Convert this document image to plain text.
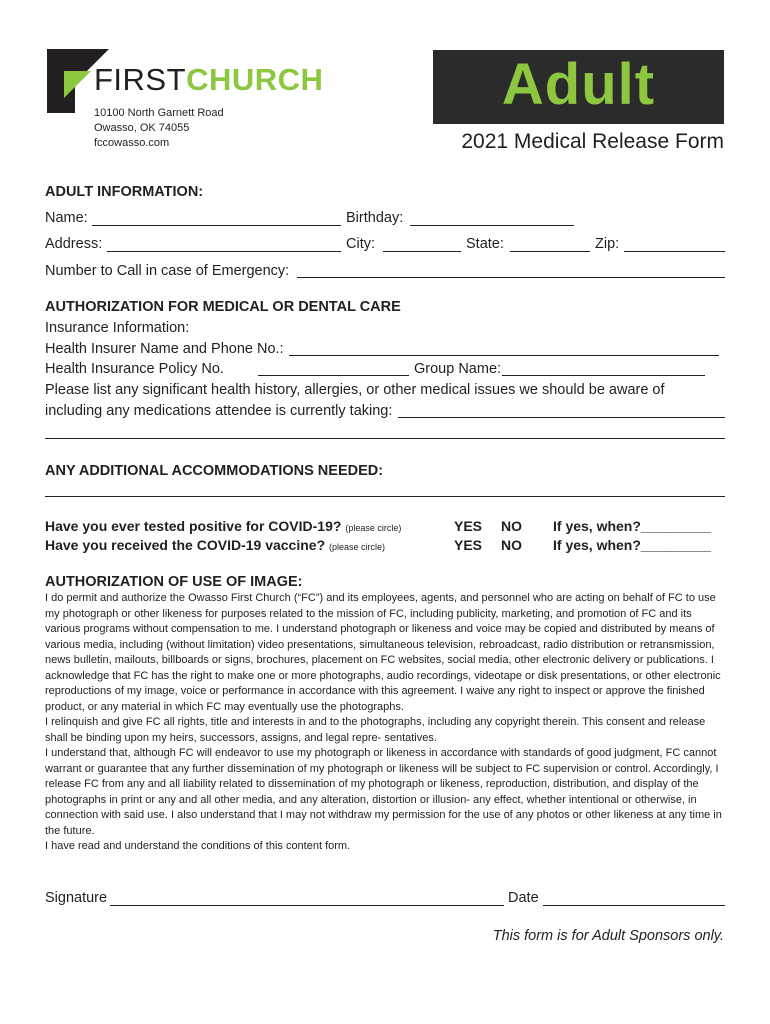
FIRSTCHURCH
10100 North Garnett Road
Owasso, OK 74055
fccowasso.com
Adult
2021 Medical Release Form
ADULT INFORMATION:
Name:	Birthday:
Address:	City:	State:	Zip:
Number to Call in case of Emergency:
AUTHORIZATION FOR MEDICAL OR DENTAL CARE
Insurance Information:
Health Insurer Name and Phone No.:
Health Insurance Policy No.	Group Name:
Please list any significant health history, allergies, or other medical issues we should be aware of
including any medications attendee is currently taking:
ANY ADDITIONAL ACCOMMODATIONS NEEDED:
Have you ever tested positive for COVID-19? (please circle)	YES NO If yes, when?_________
Have you received the COVID-19 vaccine? (please circle)	YES NO If yes, when?_________
AUTHORIZATION OF USE OF IMAGE:

I do permit and authorize the Owasso First Church (“FC”) and its employees, agents, and personnel who are acting on behalf of FC to use my photograph or other likeness for purposes related to the mission of FC, including publicity, marketing, and promotion of FC and its various programs without compensation to me. I understand photograph or likeness and voice may be copied and distributed by means of various media, including (without limitation) video presentations, simultaneous television, rebroadcast, radio distribution or retransmission, news bulletin, mailouts, billboards or signs, brochures, placement on FC websites, social media, other electronic delivery or publications. I acknowledge that FC has the right to make one or more photographs, audio recordings, videotape or disk presentations, or other electronic reproductions of my image, voice or performance in accordance with this agreement. I waive any right to inspect or approve the finished product, or any material in which FC may eventually use the photographs.

I relinquish and give FC all rights, title and interests in and to the photographs, including any copyright therein. This consent and release shall be binding upon my heirs, successors, assigns, and legal repre- sentatives.

I understand that, although FC will endeavor to use my photograph or likeness in accordance with standards of good judgment, FC cannot warrant or guarantee that any further dissemination of my photograph or likeness will be subject to FC supervision or control. Accordingly, I release FC from any and all liability related to dissemination of my photograph or likeness, reproduction, distribution, and display of the photographs in print or any and all other media, and any alteration, distortion or illusion- any effect, whether intentional or otherwise, in connection with said use. I also understand that I may not withdraw my permission for the use of any photos or other likeness at any time in the future.

I have read and understand the conditions of this content form.

Signature	Date
This form is for Adult Sponsors only.
